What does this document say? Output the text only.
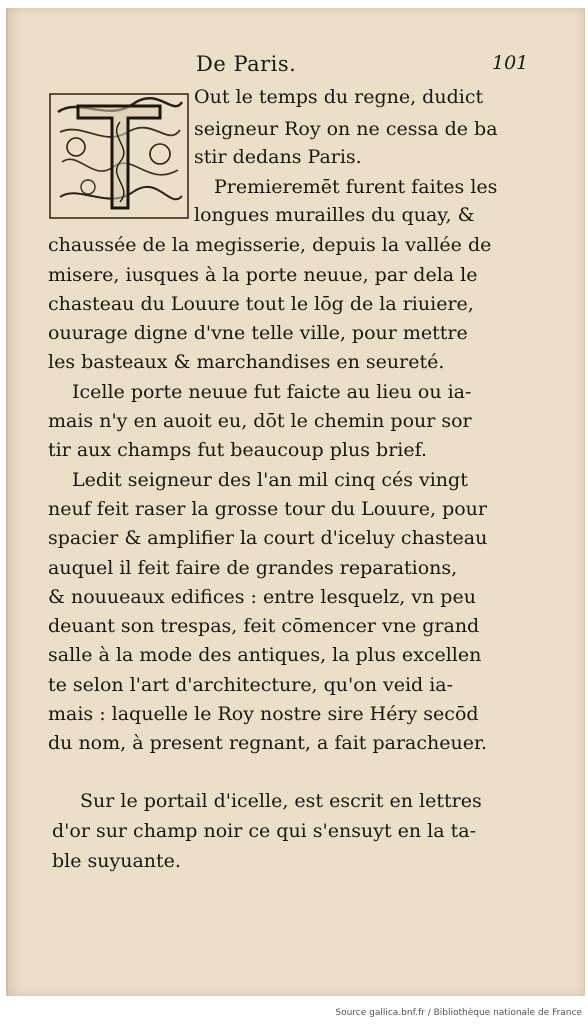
De Paris.	101
Out le temps du regne, dudict
seigneur Roy on ne cessa de ba
stir dedans Paris.
Premieremēt furent faites les
longues murailles du quay, &
chaussée de la megisserie, depuis la vallée de
misere, iusques à la porte neuue, par dela le
chasteau du Louure tout le lōg de la riuiere,
ouurage digne d'vne telle ville, pour mettre
les basteaux & marchandises en seureté.
Icelle porte neuue fut faicte au lieu ou ia-
mais n'y en auoit eu, dōt le chemin pour sor
tir aux champs fut beaucoup plus brief.
Ledit seigneur des l'an mil cinq cés vingt
neuf feit raser la grosse tour du Louure, pour
spacier & amplifier la court d'iceluy chasteau
auquel il feit faire de grandes reparations,
& nouueaux edifices : entre lesquelz, vn peu
deuant son trespas, feit cōmencer vne grand
salle à la mode des antiques, la plus excellen
te selon l'art d'architecture, qu'on veid ia-
mais : laquelle le Roy nostre sire Héry secōd
du nom, à present regnant, a fait paracheuer.
Sur le portail d'icelle, est escrit en lettres
d'or sur champ noir ce qui s'ensuyt en la ta-
ble suyuante.
Source gallica.bnf.fr / Bibliothèque nationale de France
